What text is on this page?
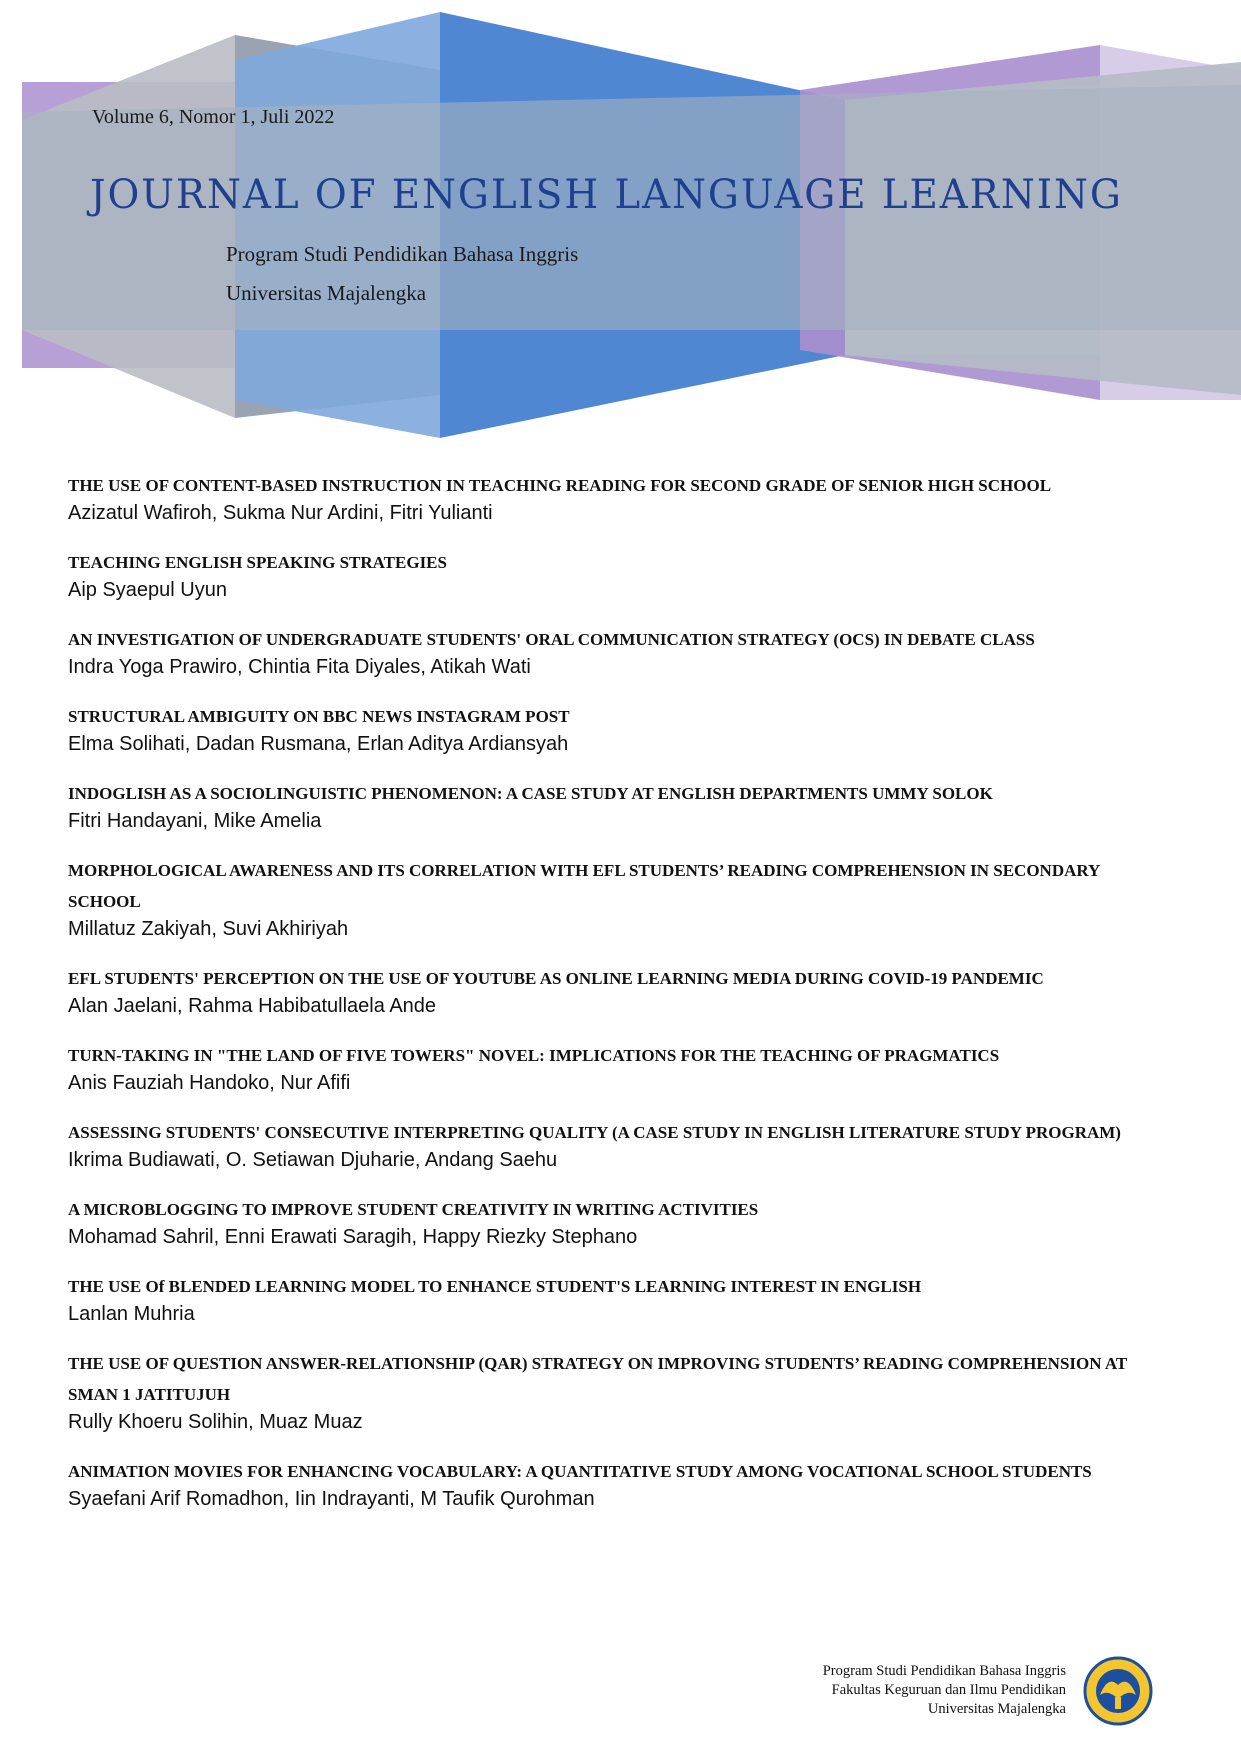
Volume 6, Nomor 1, Juli 2022
JOURNAL OF ENGLISH LANGUAGE LEARNING
Program Studi Pendidikan Bahasa Inggris
Universitas Majalengka

THE USE OF CONTENT-BASED INSTRUCTION IN TEACHING READING FOR SECOND GRADE OF SENIOR HIGH SCHOOL

Azizatul Wafiroh, Sukma Nur Ardini, Fitri Yulianti

TEACHING ENGLISH SPEAKING STRATEGIES

Aip Syaepul Uyun

AN INVESTIGATION OF UNDERGRADUATE STUDENTS' ORAL COMMUNICATION STRATEGY (OCS) IN DEBATE CLASS

Indra Yoga Prawiro, Chintia Fita Diyales, Atikah Wati

STRUCTURAL AMBIGUITY ON BBC NEWS INSTAGRAM POST

Elma Solihati, Dadan Rusmana, Erlan Aditya Ardiansyah

INDOGLISH AS A SOCIOLINGUISTIC PHENOMENON: A CASE STUDY AT ENGLISH DEPARTMENTS UMMY SOLOK

Fitri Handayani, Mike Amelia

MORPHOLOGICAL AWARENESS AND ITS CORRELATION WITH EFL STUDENTS’ READING COMPREHENSION IN SECONDARY SCHOOL

Millatuz Zakiyah, Suvi Akhiriyah

EFL STUDENTS' PERCEPTION ON THE USE OF YOUTUBE AS ONLINE LEARNING MEDIA DURING COVID-19 PANDEMIC

Alan Jaelani, Rahma Habibatullaela Ande

TURN-TAKING IN "THE LAND OF FIVE TOWERS" NOVEL: IMPLICATIONS FOR THE TEACHING OF PRAGMATICS

Anis Fauziah Handoko, Nur Afifi

ASSESSING STUDENTS' CONSECUTIVE INTERPRETING QUALITY (A CASE STUDY IN ENGLISH LITERATURE STUDY PROGRAM)

Ikrima Budiawati, O. Setiawan Djuharie, Andang Saehu

A MICROBLOGGING TO IMPROVE STUDENT CREATIVITY IN WRITING ACTIVITIES

Mohamad Sahril, Enni Erawati Saragih, Happy Riezky Stephano

THE USE Of BLENDED LEARNING MODEL TO ENHANCE STUDENT'S LEARNING INTEREST IN ENGLISH

Lanlan Muhria

THE USE OF QUESTION ANSWER-RELATIONSHIP (QAR) STRATEGY ON IMPROVING STUDENTS’ READING COMPREHENSION AT SMAN 1 JATITUJUH

Rully Khoeru Solihin, Muaz Muaz

ANIMATION MOVIES FOR ENHANCING VOCABULARY: A QUANTITATIVE STUDY AMONG VOCATIONAL SCHOOL STUDENTS

Syaefani Arif Romadhon, Iin Indrayanti, M Taufik Qurohman

Program Studi Pendidikan Bahasa Inggris
Fakultas Keguruan dan Ilmu Pendidikan
Universitas Majalengka
